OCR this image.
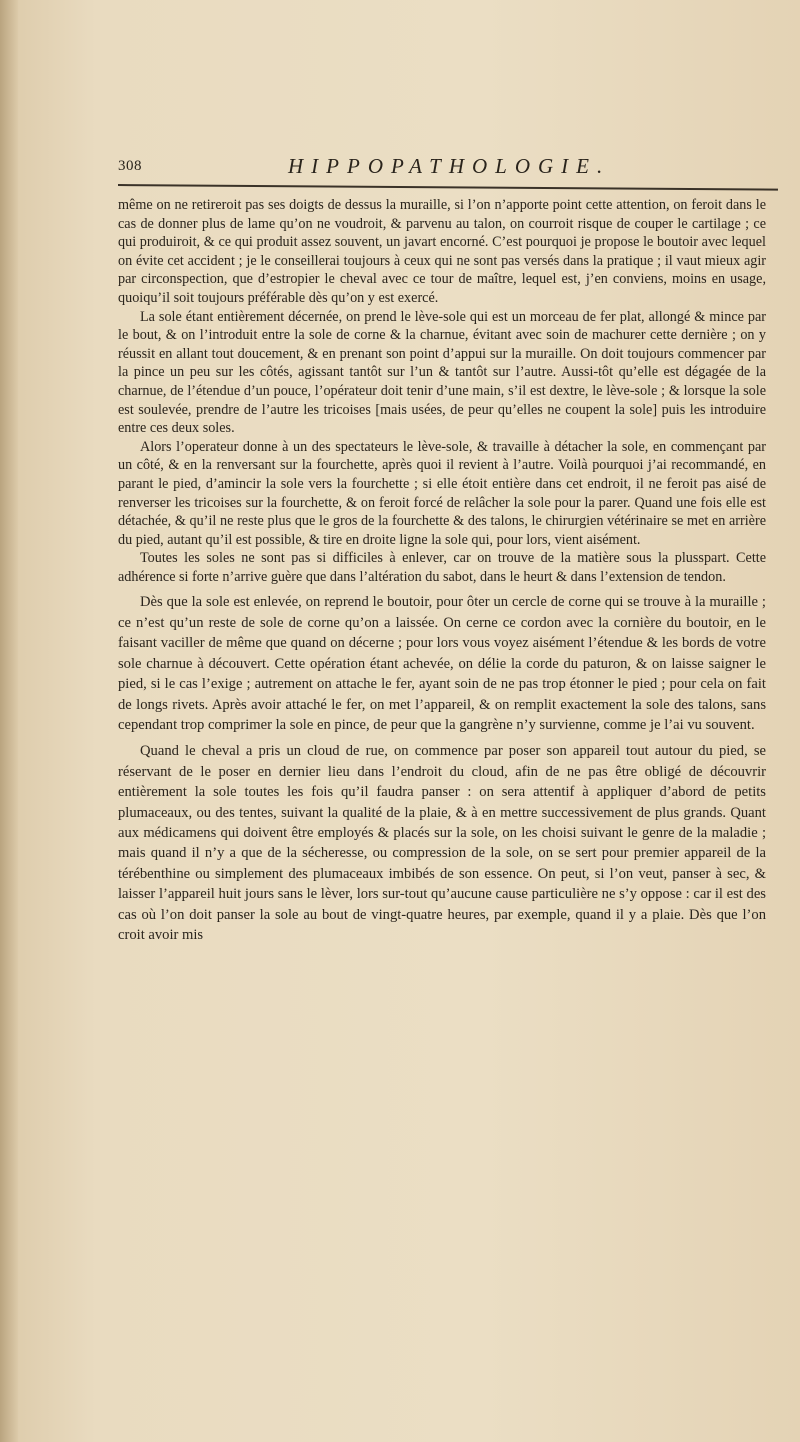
308	HIPPOPATHOLOGIE.

même on ne retireroit pas ses doigts de dessus la muraille, si l’on n’apporte point cette attention, on feroit dans le cas de donner plus de lame qu’on ne voudroit, & parvenu au talon, on courroit risque de couper le cartilage ; ce qui produiroit, & ce qui produit assez souvent, un javart encorné. C’est pourquoi je propose le boutoir avec lequel on évite cet accident ; je le conseillerai toujours à ceux qui ne sont pas versés dans la pratique ; il vaut mieux agir par circonspection, que d’estropier le cheval avec ce tour de maître, lequel est, j’en conviens, moins en usage, quoiqu’il soit toujours préférable dès qu’on y est exercé.

La sole étant entièrement décernée, on prend le lève-sole qui est un morceau de fer plat, allongé & mince par le bout, & on l’introduit entre la sole de corne & la charnue, évitant avec soin de machurer cette dernière ; on y réussit en allant tout doucement, & en prenant son point d’appui sur la muraille. On doit toujours commencer par la pince un peu sur les côtés, agissant tantôt sur l’un & tantôt sur l’autre. Aussi-tôt qu’elle est dégagée de la charnue, de l’étendue d’un pouce, l’opérateur doit tenir d’une main, s’il est dextre, le lève-sole ; & lorsque la sole est soulevée, prendre de l’autre les tricoises [mais usées, de peur qu’elles ne coupent la sole] puis les introduire entre ces deux soles.

Alors l’operateur donne à un des spectateurs le lève-sole, & travaille à détacher la sole, en commençant par un côté, & en la renversant sur la fourchette, après quoi il revient à l’autre. Voilà pourquoi j’ai recommandé, en parant le pied, d’amincir la sole vers la fourchette ; si elle étoit entière dans cet endroit, il ne feroit pas aisé de renverser les tricoises sur la fourchette, & on feroit forcé de relâcher la sole pour la parer. Quand une fois elle est détachée, & qu’il ne reste plus que le gros de la fourchette & des talons, le chirurgien vétérinaire se met en arrière du pied, autant qu’il est possible, & tire en droite ligne la sole qui, pour lors, vient aisément.

Toutes les soles ne sont pas si difficiles à enlever, car on trouve de la matière sous la plusspart. Cette adhérence si forte n’arrive guère que dans l’altération du sabot, dans le heurt & dans l’extension de tendon.

Dès que la sole est enlevée, on reprend le boutoir, pour ôter un cercle de corne qui se trouve à la muraille ; ce n’est qu’un reste de sole de corne qu’on a laissée. On cerne ce cordon avec la cornière du boutoir, en le faisant vaciller de même que quand on décerne ; pour lors vous voyez aisément l’étendue & les bords de votre sole charnue à découvert. Cette opération étant achevée, on délie la corde du paturon, & on laisse saigner le pied, si le cas l’exige ; autrement on attache le fer, ayant soin de ne pas trop étonner le pied ; pour cela on fait de longs rivets. Après avoir attaché le fer, on met l’appareil, & on remplit exactement la sole des talons, sans cependant trop comprimer la sole en pince, de peur que la gangrène n’y survienne, comme je l’ai vu souvent.

Quand le cheval a pris un cloud de rue, on commence par poser son appareil tout autour du pied, se réservant de le poser en dernier lieu dans l’endroit du cloud, afin de ne pas être obligé de découvrir entièrement la sole toutes les fois qu’il faudra panser : on sera attentif à appliquer d’abord de petits plumaceaux, ou des tentes, suivant la qualité de la plaie, & à en mettre successivement de plus grands. Quant aux médicamens qui doivent être employés & placés sur la sole, on les choisi suivant le genre de la maladie ; mais quand il n’y a que de la sécheresse, ou compression de la sole, on se sert pour premier appareil de la térébenthine ou simplement des plumaceaux imbibés de son essence. On peut, si l’on veut, panser à sec, & laisser l’appareil huit jours sans le lèver, lors sur-tout qu’aucune cause particulière ne s’y oppose : car il est des cas où l’on doit panser la sole au bout de vingt-quatre heures, par exemple, quand il y a plaie. Dès que l’on croit avoir mis
